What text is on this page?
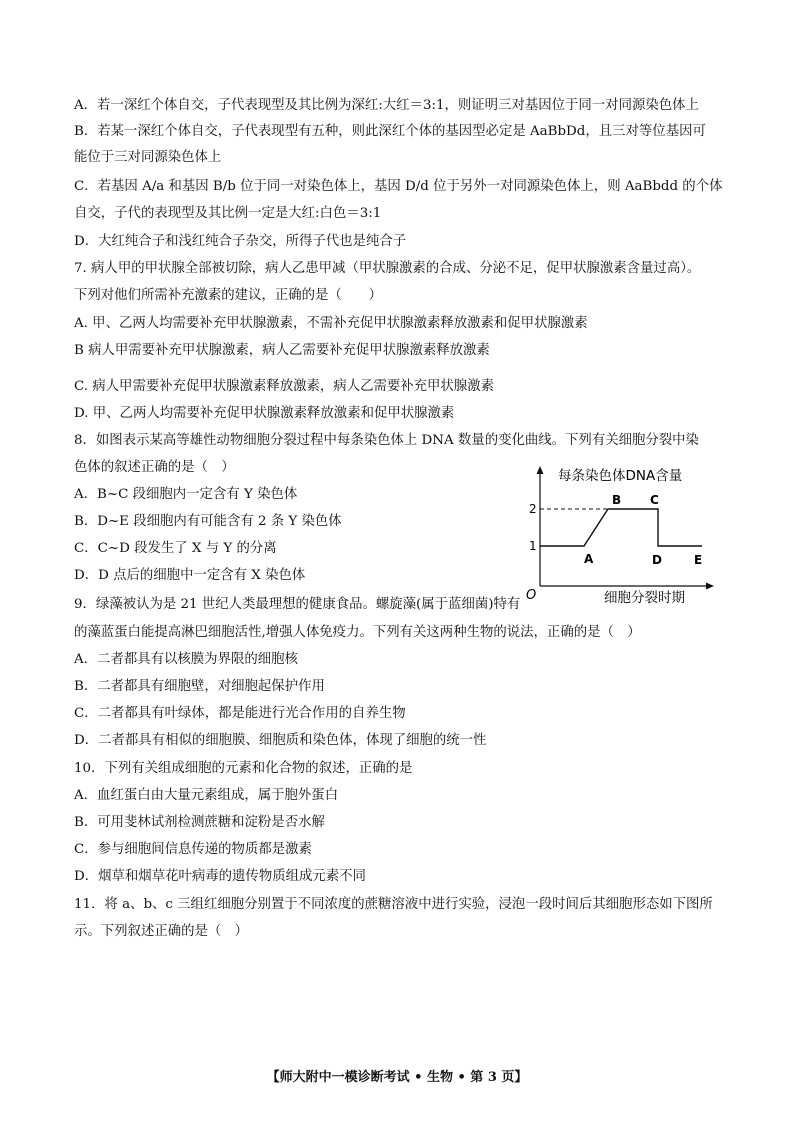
A．若一深红个体自交，子代表现型及其比例为深红:大红＝3:1，则证明三对基因位于同一对同源染色体上
B．若某一深红个体自交，子代表现型有五种，则此深红个体的基因型必定是 AaBbDd，且三对等位基因可
能位于三对同源染色体上
C．若基因 A/a 和基因 B/b 位于同一对染色体上，基因 D/d 位于另外一对同源染色体上，则 AaBbdd 的个体
自交，子代的表现型及其比例一定是大红:白色＝3:1
D．大红纯合子和浅红纯合子杂交，所得子代也是纯合子
7. 病人甲的甲状腺全部被切除，病人乙患甲减（甲状腺激素的合成、分泌不足，促甲状腺激素含量过高）。
下列对他们所需补充激素的建议，正确的是（　　）
A. 甲、乙两人均需要补充甲状腺激素，不需补充促甲状腺激素释放激素和促甲状腺激素
B 病人甲需要补充甲状腺激素，病人乙需要补充促甲状腺激素释放激素
C. 病人甲需要补充促甲状腺激素释放激素，病人乙需要补充甲状腺激素
D. 甲、乙两人均需要补充促甲状腺激素释放激素和促甲状腺激素
8．如图表示某高等雄性动物细胞分裂过程中每条染色体上 DNA 数量的变化曲线。下列有关细胞分裂中染
色体的叙述正确的是（　）
A．B~C 段细胞内一定含有 Y 染色体
B．D~E 段细胞内有可能含有 2 条 Y 染色体
C．C~D 段发生了 X 与 Y 的分离
D．D 点后的细胞中一定含有 X 染色体
9．绿藻被认为是 21 世纪人类最理想的健康食品。螺旋藻(属于蓝细菌)特有
的藻蓝蛋白能提高淋巴细胞活性,增强人体免疫力。下列有关这两种生物的说法，正确的是（　）
A．二者都具有以核膜为界限的细胞核
B．二者都具有细胞壁，对细胞起保护作用
C．二者都具有叶绿体，都是能进行光合作用的自养生物
D．二者都具有相似的细胞膜、细胞质和染色体，体现了细胞的统一性
10．下列有关组成细胞的元素和化合物的叙述，正确的是
A．血红蛋白由大量元素组成，属于胞外蛋白
B．可用斐林试剂检测蔗糖和淀粉是否水解
C．参与细胞间信息传递的物质都是激素
D．烟草和烟草花叶病毒的遗传物质组成元素不同
11．将 a、b、c 三组红细胞分别置于不同浓度的蔗糖溶液中进行实验，浸泡一段时间后其细胞形态如下图所
示。下列叙述正确的是（　）
每条染色体DNA含量
细胞分裂时期
O
1
2
A
B C
D	E
【师大附中一模诊断考试 • 生物 • 第 3 页】
